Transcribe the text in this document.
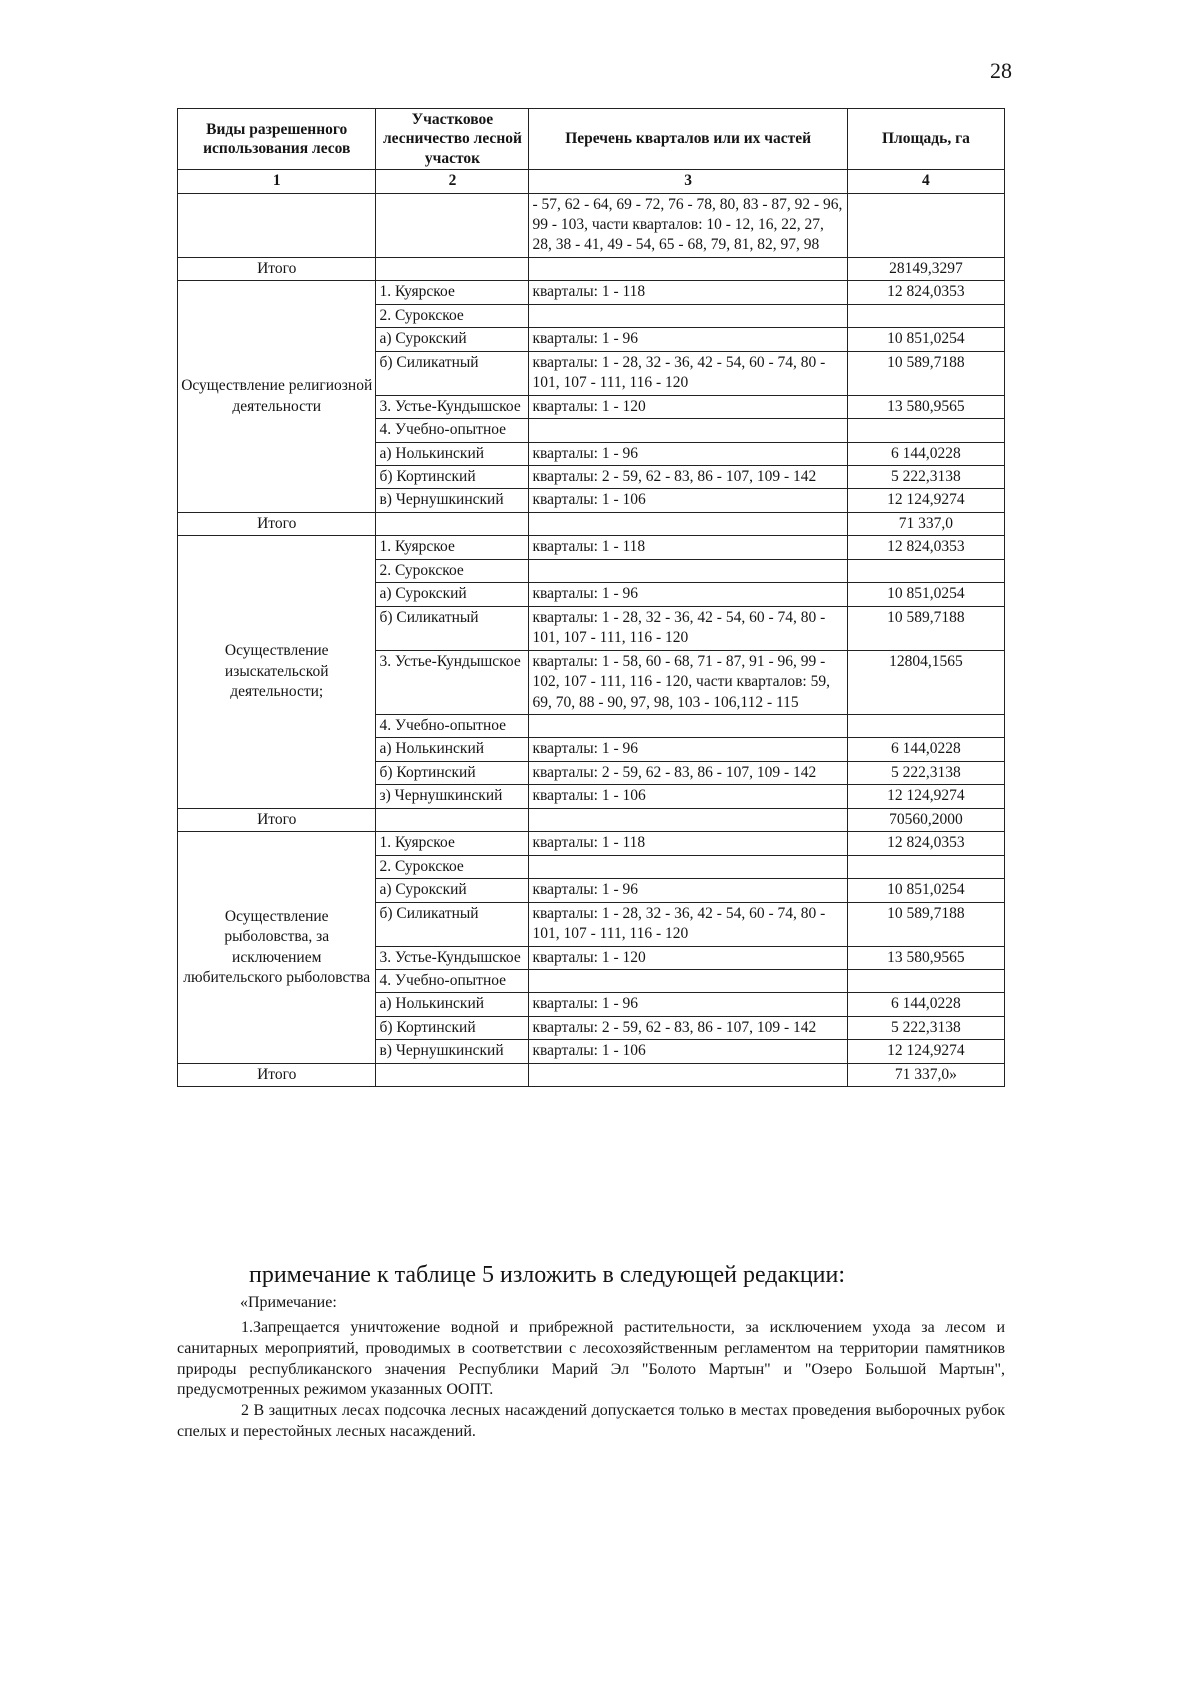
28
Виды разрешенного использования лесов	Участковое лесничество лесной участок	Перечень кварталов или их частей	Площадь, га
1	2	3	4
		- 57, 62 - 64, 69 - 72, 76 - 78, 80, 83 - 87, 92 - 96, 99 - 103, части кварталов: 10 - 12, 16, 22, 27, 28, 38 - 41, 49 - 54, 65 - 68, 79, 81, 82, 97, 98	
Итого			28149,3297
Осуществление религиозной деятельности	1. Куярское	кварталы: 1 - 118	12 824,0353
	2. Сурокское		
	а) Сурокский	кварталы: 1 - 96	10 851,0254
	б) Силикатный	кварталы: 1 - 28, 32 - 36, 42 - 54, 60 - 74, 80 - 101, 107 - 111, 116 - 120	10 589,7188
	3. Устье-Кундышское	кварталы: 1 - 120	13 580,9565
	4. Учебно-опытное		
	а) Нолькинский	кварталы: 1 - 96	6 144,0228
	б) Кортинский	кварталы: 2 - 59, 62 - 83, 86 - 107, 109 - 142	5 222,3138
	в) Чернушкинский	кварталы: 1 - 106	12 124,9274
Итого			71 337,0
Осуществление изыскательской деятельности;	1. Куярское	кварталы: 1 - 118	12 824,0353
	2. Сурокское		
	а) Сурокский	кварталы: 1 - 96	10 851,0254
	б) Силикатный	кварталы: 1 - 28, 32 - 36, 42 - 54, 60 - 74, 80 - 101, 107 - 111, 116 - 120	10 589,7188
	3. Устье-Кундышское	кварталы: 1 - 58, 60 - 68, 71 - 87, 91 - 96, 99 - 102, 107 - 111, 116 - 120, части кварталов: 59, 69, 70, 88 - 90, 97, 98, 103 - 106,112 - 115	12804,1565
	4. Учебно-опытное		
	а) Нолькинский	кварталы: 1 - 96	6 144,0228
	б) Кортинский	кварталы: 2 - 59, 62 - 83, 86 - 107, 109 - 142	5 222,3138
	з) Чернушкинский	кварталы: 1 - 106	12 124,9274
Итого			70560,2000
Осуществление рыболовства, за исключением любительского рыболовства	1. Куярское	кварталы: 1 - 118	12 824,0353
	2. Сурокское		
	а) Сурокский	кварталы: 1 - 96	10 851,0254
	б) Силикатный	кварталы: 1 - 28, 32 - 36, 42 - 54, 60 - 74, 80 - 101, 107 - 111, 116 - 120	10 589,7188
	3. Устье-Кундышское	кварталы: 1 - 120	13 580,9565
	4. Учебно-опытное		
	а) Нолькинский	кварталы: 1 - 96	6 144,0228
	б) Кортинский	кварталы: 2 - 59, 62 - 83, 86 - 107, 109 - 142	5 222,3138
	в) Чернушкинский	кварталы: 1 - 106	12 124,9274
Итого			71 337,0»
примечание к таблице 5 изложить в следующей редакции:
«Примечание:

1.Запрещается уничтожение водной и прибрежной растительности, за исключением ухода за лесом и санитарных мероприятий, проводимых в соответствии с лесохозяйственным регламентом на территории памятников природы республиканского значения Республики Марий Эл "Болото Мартын" и "Озеро Большой Мартын", предусмотренных режимом указанных ООПТ.

2 В защитных лесах подсочка лесных насаждений допускается только в местах проведения выборочных рубок спелых и перестойных лесных насаждений.
